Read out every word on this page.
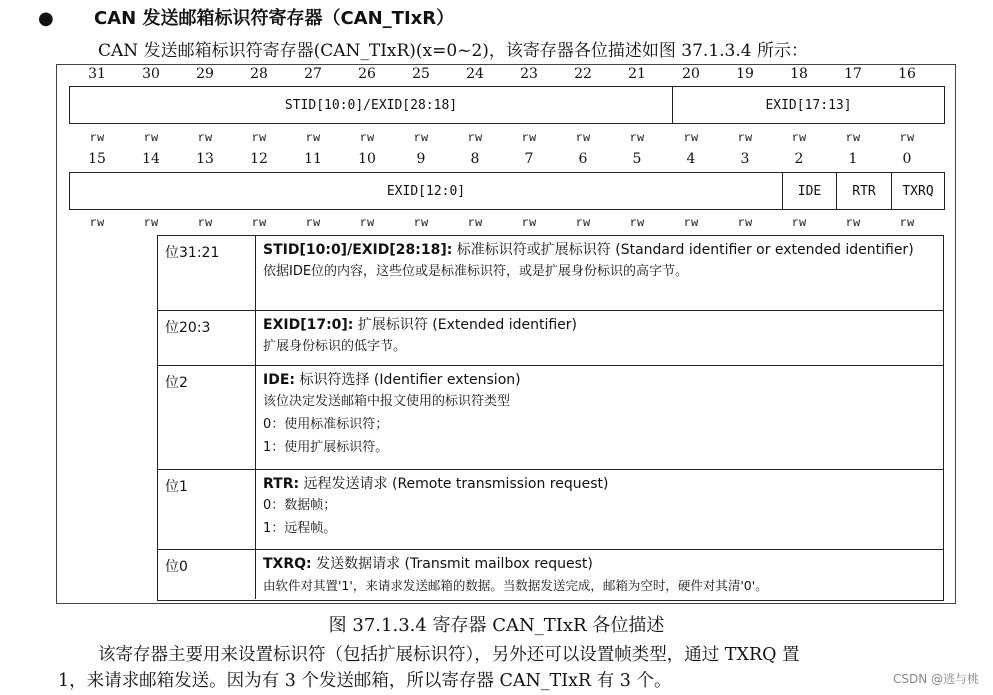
● CAN 发送邮箱标识符寄存器（CAN_TIxR）
CAN 发送邮箱标识符寄存器(CAN_TIxR)(x=0~2)，该寄存器各位描述如图 37.1.3.4 所示：
31	30	29	28	27	26	25	24	23	22	21	20	19	18	17	16
STID[10:0]/EXID[28:18]	EXID[17:13]
rw	rw	rw	rw	rw	rw	rw	rw	rw	rw	rw	rw	rw	rw	rw	rw
15	14	13	12	11	10	9	8	7	6	5	4	3	2	1	0
EXID[12:0]	IDE	RTR	TXRQ
rw	rw	rw	rw	rw	rw	rw	rw	rw	rw	rw	rw	rw	rw	rw	rw
位31:21	STID[10:0]/EXID[28:18]: 标准标识符或扩展标识符 (Standard identifier or extended identifier)
依据IDE位的内容，这些位或是标准标识符，或是扩展身份标识的高字节。
位20:3	EXID[17:0]: 扩展标识符 (Extended identifier)
扩展身份标识的低字节。
位2	IDE: 标识符选择 (Identifier extension)
该位决定发送邮箱中报文使用的标识符类型
0：使用标准标识符；
1：使用扩展标识符。
位1	RTR: 远程发送请求 (Remote transmission request)
0：数据帧；
1：远程帧。
位0	TXRQ: 发送数据请求 (Transmit mailbox request)
由软件对其置'1'，来请求发送邮箱的数据。当数据发送完成，邮箱为空时，硬件对其清'0'。
图 37.1.3.4 寄存器 CAN_TIxR 各位描述
该寄存器主要用来设置标识符（包括扩展标识符），另外还可以设置帧类型，通过 TXRQ 置
1，来请求邮箱发送。因为有 3 个发送邮箱，所以寄存器 CAN_TIxR 有 3 个。	CSDN @逃与桃
